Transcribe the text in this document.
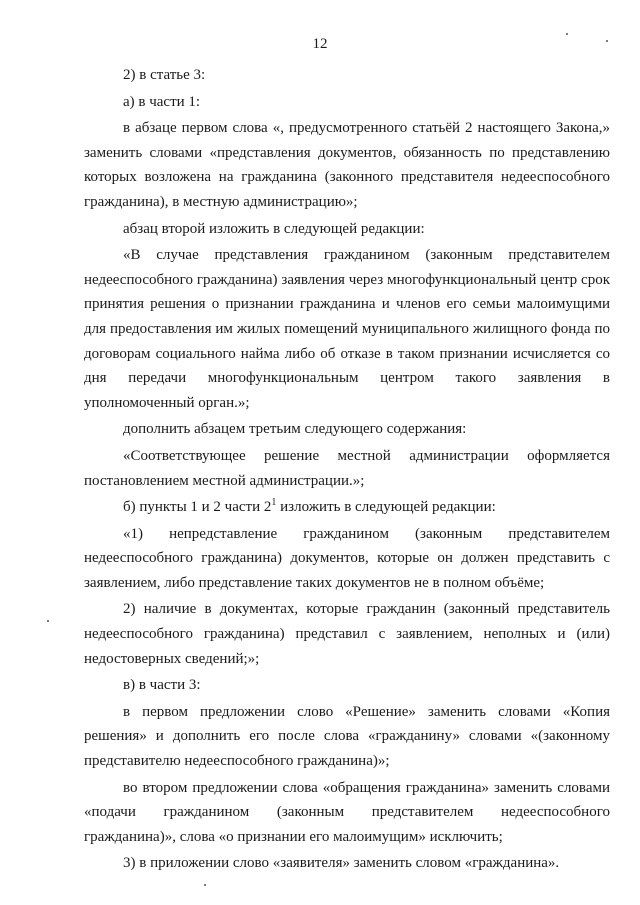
12

2) в статье 3:

а) в части 1:

в абзаце первом слова «, предусмотренного статьёй 2 настоящего Закона,» заменить словами «представления документов, обязанность по представлению которых возложена на гражданина (законного представителя недееспособного гражданина), в местную администрацию»;

абзац второй изложить в следующей редакции:

«В случае представления гражданином (законным представителем недееспособного гражданина) заявления через многофункциональный центр срок принятия решения о признании гражданина и членов его семьи малоимущими для предоставления им жилых помещений муниципального жилищного фонда по договорам социального найма либо об отказе в таком признании исчисляется со дня передачи многофункциональным центром такого заявления в уполномоченный орган.»;

дополнить абзацем третьим следующего содержания:

«Соответствующее решение местной администрации оформляется постановлением местной администрации.»;

б) пункты 1 и 2 части $2^1$ изложить в следующей редакции:

«1) непредставление гражданином (законным представителем недееспособного гражданина) документов, которые он должен представить с заявлением, либо представление таких документов не в полном объёме;

2) наличие в документах, которые гражданин (законный представитель недееспособного гражданина) представил с заявлением, неполных и (или) недостоверных сведений;»;

в) в части 3:

в первом предложении слово «Решение» заменить словами «Копия решения» и дополнить его после слова «гражданину» словами «(законному представителю недееспособного гражданина)»;

во втором предложении слова «обращения гражданина» заменить словами «подачи гражданином (законным представителем недееспособного гражданина)», слова «о признании его малоимущим» исключить;

3) в приложении слово «заявителя» заменить словом «гражданина».
